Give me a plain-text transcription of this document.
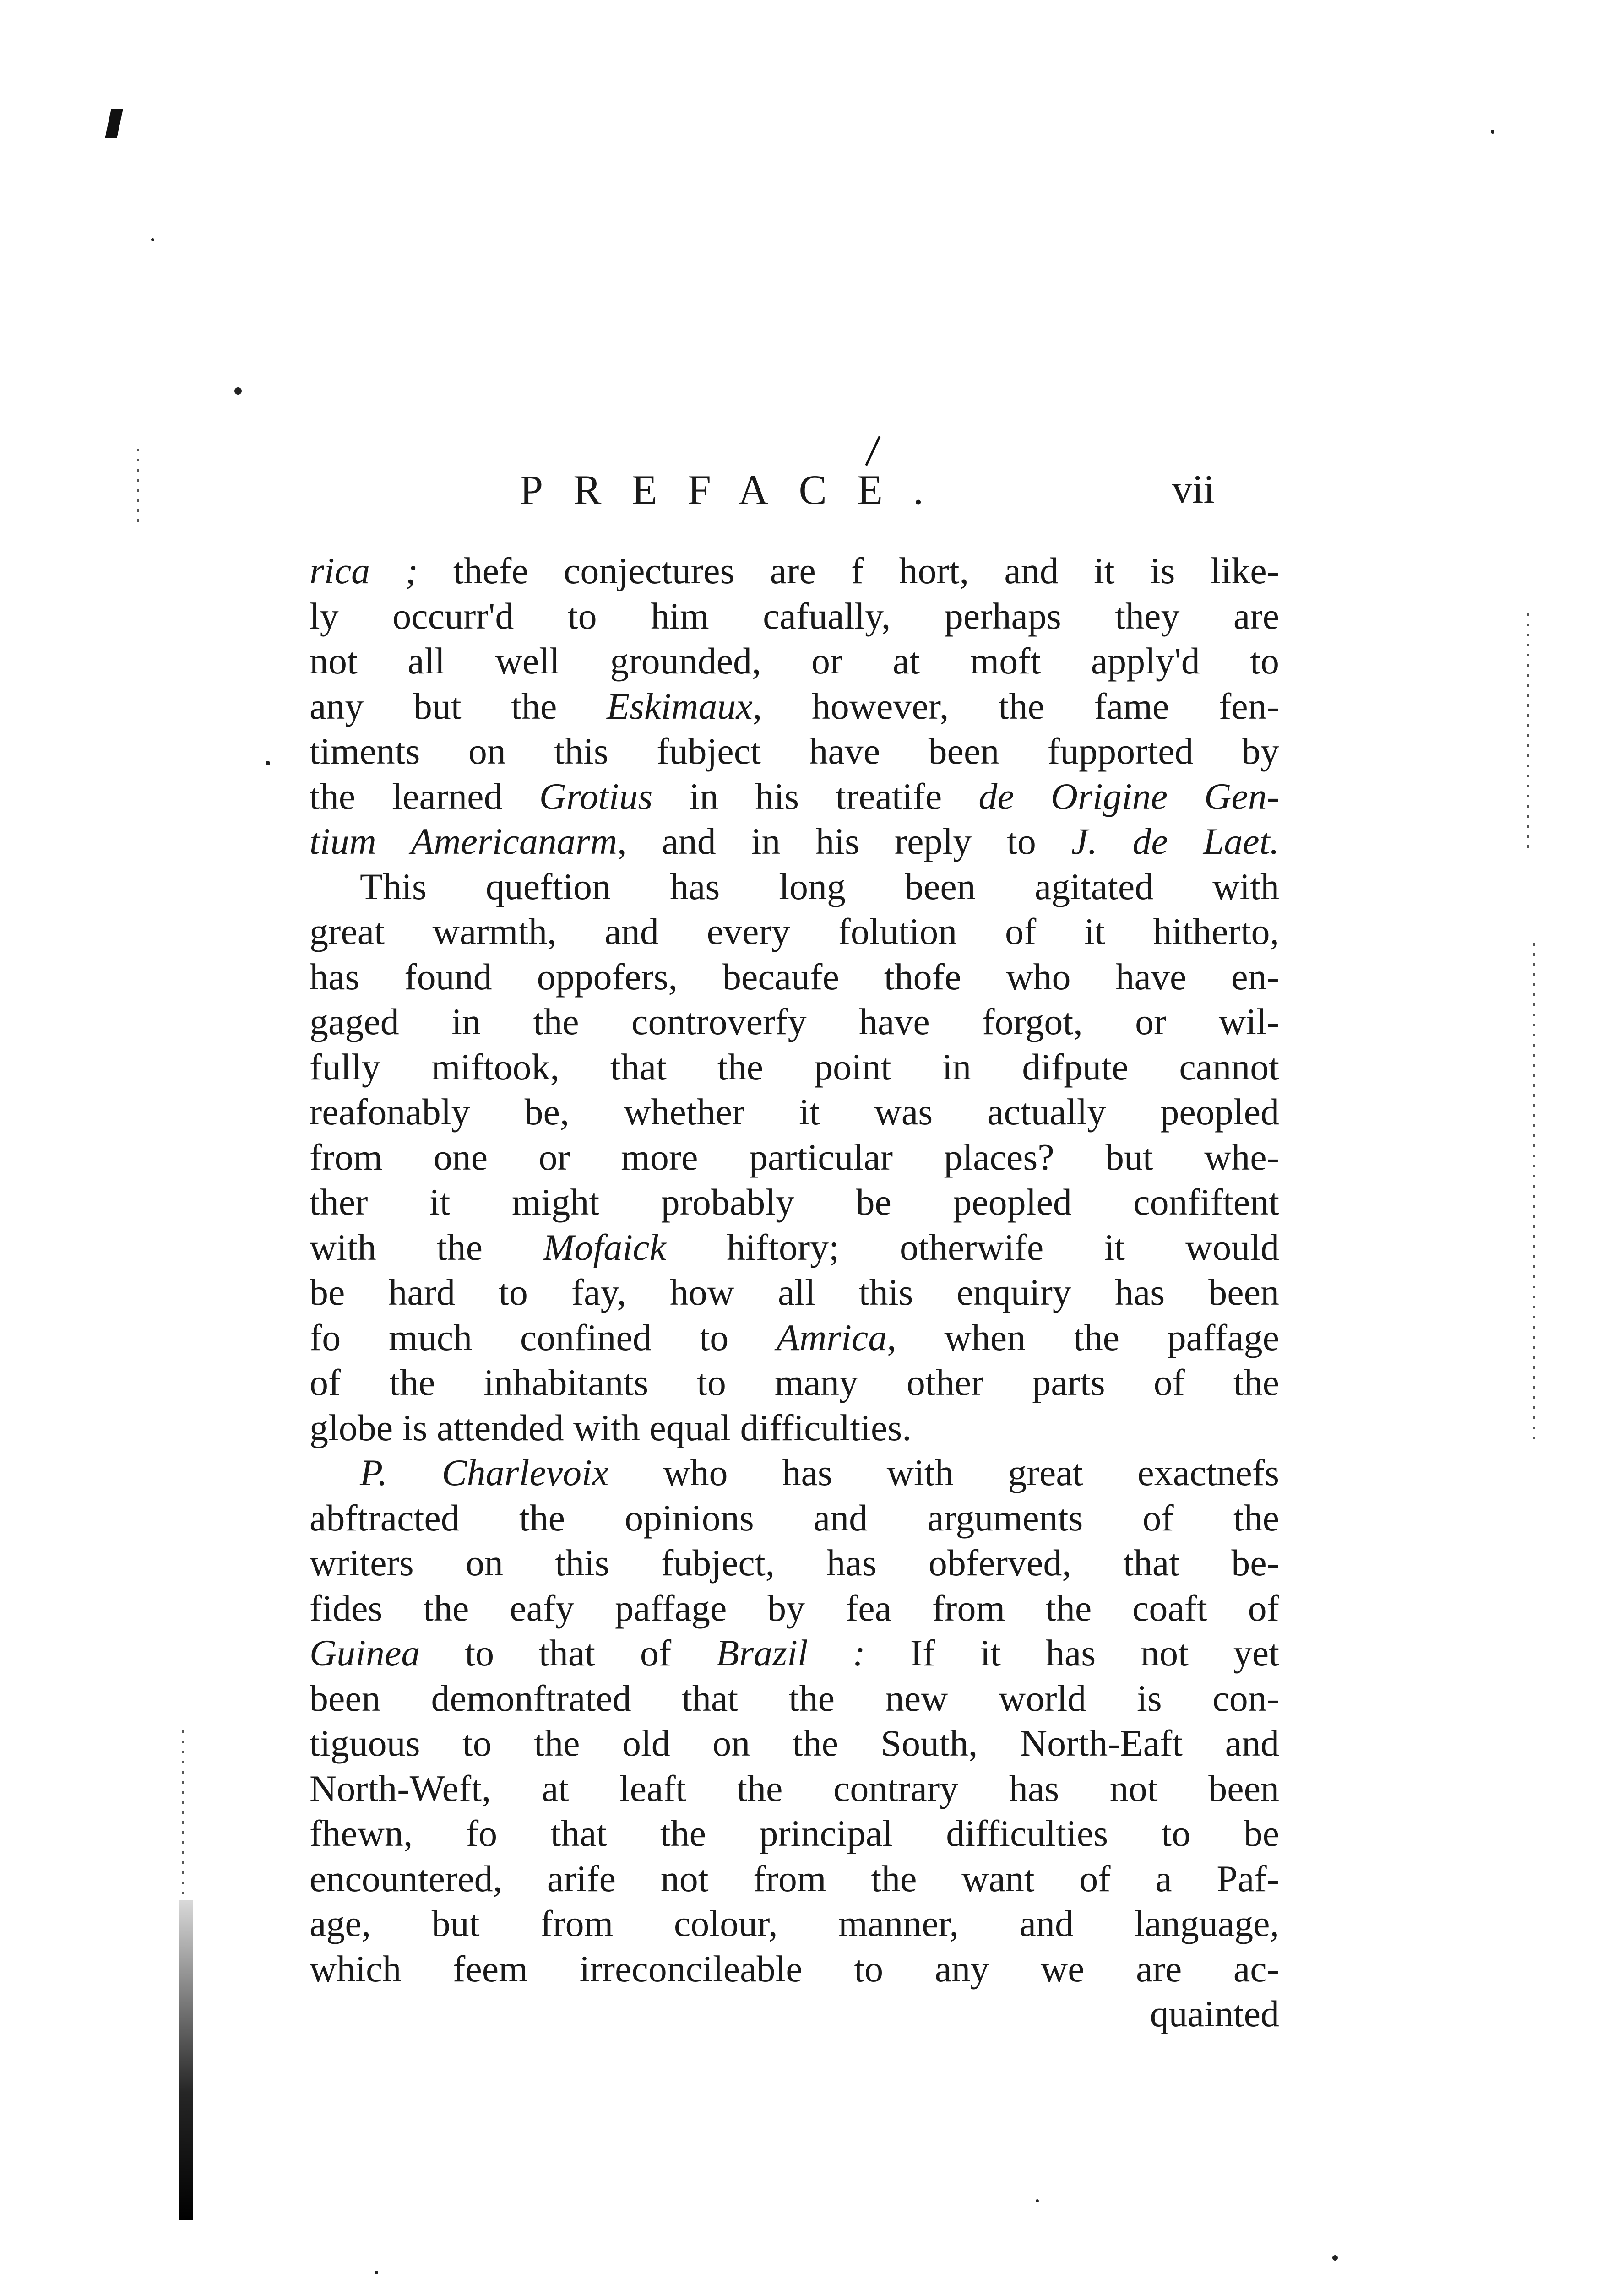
PREFACE.	vii
rica ; thefe conjectures are f hort, and it is like-
ly occurr'd to him cafually, perhaps they are
not all well grounded, or at moft apply'd to
any but the Eskimaux, however, the fame fen-
timents on this fubject have been fupported by
the learned Grotius in his treatife de Origine Gen-
tium Americanarm, and in his reply to J. de Laet.
This queftion has long been agitated with
great warmth, and every folution of it hitherto,
has found oppofers, becaufe thofe who have en-
gaged in the controverfy have forgot, or wil-
fully miftook, that the point in difpute cannot
reafonably be, whether it was actually peopled
from one or more particular places? but whe-
ther it might probably be peopled confiftent
with the Mofaick hiftory; otherwife it would
be hard to fay, how all this enquiry has been
fo much confined to Amrica, when the paffage
of the inhabitants to many other parts of the
globe is attended with equal difficulties.
P. Charlevoix who has with great exactnefs
abftracted the opinions and arguments of the
writers on this fubject, has obferved, that be-
fides the eafy paffage by fea from the coaft of
Guinea to that of Brazil : If it has not yet
been demonftrated that the new world is con-
tiguous to the old on the South, North-Eaft and
North-Weft, at leaft the contrary has not been
fhewn, fo that the principal difficulties to be
encountered, arife not from the want of a Paf-
age, but from colour, manner, and language,
which feem irreconcileable to any we are ac-
quainted
